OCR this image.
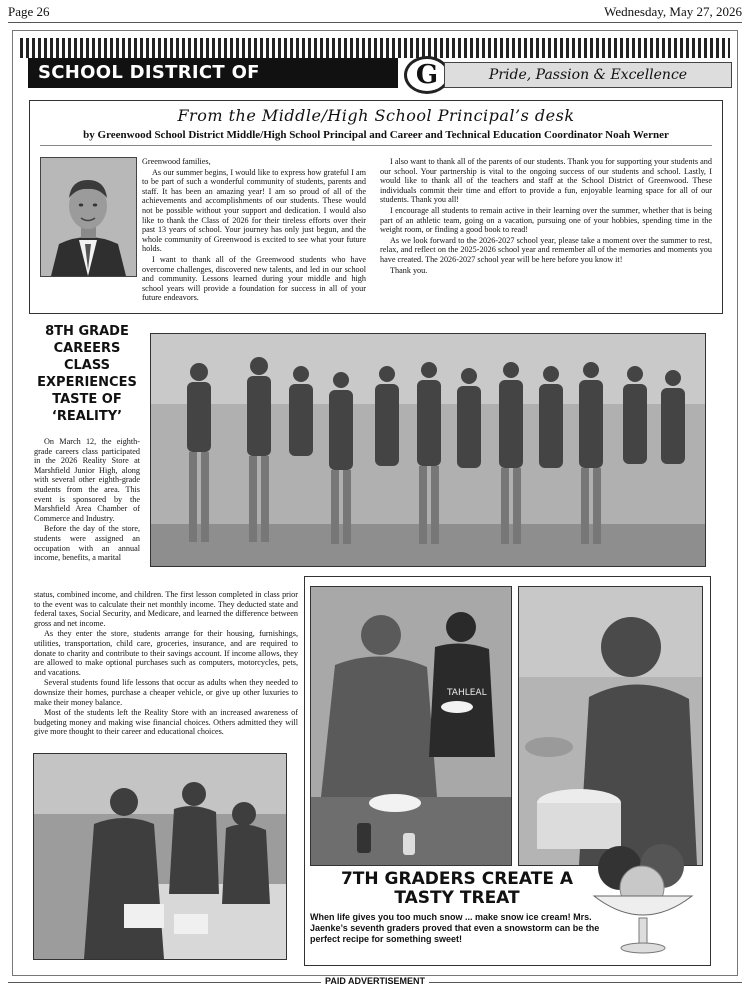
Page 26	Wednesday, May 27, 2026
SCHOOL DISTRICT OF GREENWOOD
G	Pride, Passion & Excellence
From the Middle/High School Principal’s desk
by Greenwood School District Middle/High School Principal and Career and Technical Education Coordinator Noah Werner

Greenwood families,

As our summer begins, I would like to express how grateful I am to be part of such a wonderful community of students, parents and staff. It has been an amazing year! I am so proud of all of the achievements and accomplishments of our students. These would not be possible without your support and dedication. I would also like to thank the Class of 2026 for their tireless efforts over their past 13 years of school. Your journey has only just begun, and the whole community of Greenwood is excited to see what your future holds.

I want to thank all of the Greenwood students who have overcome challenges, discovered new talents, and led in our school and community. Lessons learned during your middle and high school years will provide a foundation for success in all of your future endeavors.

I also want to thank all of the parents of our students. Thank you for supporting your students and our school. Your partnership is vital to the ongoing success of our students and school. Lastly, I would like to thank all of the teachers and staff at the School District of Greenwood. These individuals commit their time and effort to provide a fun, enjoyable learning space for all of our students. Thank you all!

I encourage all students to remain active in their learning over the summer, whether that is being part of an athletic team, going on a vacation, pursuing one of your hobbies, spending time in the weight room, or finding a good book to read!

As we look forward to the 2026-2027 school year, please take a moment over the summer to rest, relax, and reflect on the 2025-2026 school year and remember all of the memories and moments you have created. The 2026-2027 school year will be here before you know it!

Thank you.

8TH GRADE CAREERS CLASS EXPERIENCES TASTE OF ‘REALITY’

On March 12, the eighth-grade careers class participated in the 2026 Reality Store at Marshfield Junior High, along with several other eighth-grade students from the area. This event is sponsored by the Marshfield Area Chamber of Commerce and Industry.

Before the day of the store, students were assigned an occupation with an annual income, benefits, a marital

status, combined income, and children. The first lesson completed in class prior to the event was to calculate their net monthly income. They deducted state and federal taxes, Social Security, and Medicare, and learned the difference between gross and net income.

As they enter the store, students arrange for their housing, furnishings, utilities, transportation, child care, groceries, insurance, and are required to donate to charity and contribute to their savings account. If income allows, they are allowed to make optional purchases such as computers, motorcycles, pets, and vacations.

Several students found life lessons that occur as adults when they needed to downsize their homes, purchase a cheaper vehicle, or give up other luxuries to make their money balance.

Most of the students left the Reality Store with an increased awareness of budgeting money and making wise financial choices. Others admitted they will give more thought to their career and educational choices.

TAHLEAL
7TH GRADERS CREATE A TASTY TREAT
When life gives you too much snow ... make snow ice cream! Mrs. Jaenke’s seventh graders proved that even a snowstorm can be the perfect recipe for something sweet!
PAID ADVERTISEMENT
